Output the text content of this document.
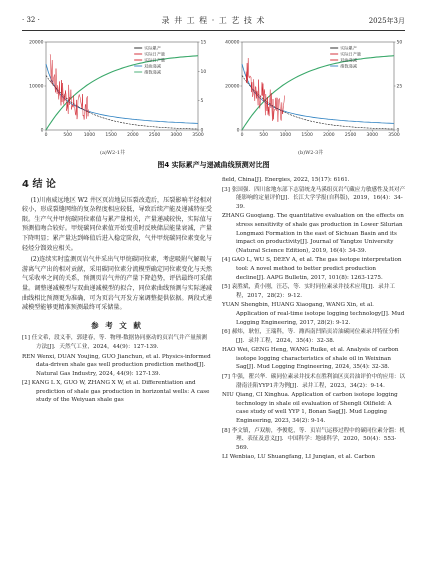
· 32 ·	录 井 工 程 · 工 艺 技 术	2025年3月
0	500	1000 1500 2000 2500 3000 3500
0
10000
20000
0
5
10
15
实际累产
实际日产量
实际日产量
双曲递减
指数递减
0	500	1000 1500 2000 2500 3000 3500
0
20000
40000
0
25
50
实际累产
实际日产量
双曲递减
指数递减
(a)W2-1井	(b)W2-3井
图4 实际累产与递减曲线预测对比图
4 结 论

(1)川南威远地区 W2 井区页岩地层压裂改造后，压裂影响半径相对较小，形成裂缝网络的复杂程度相应较低，导致后续产能及递减特征受限。生产气井甲烷碳同位素值与累产量相关，产量递减较快，实际值与预测值吻合较好。甲烷碳同位素值开始变重时反映储层能量衰减，产量下降明显；累产量达到峰值后进入稳定阶段，气井甲烷碳同位素变化与轻烃分馏效应相关。

(2)连续实时监测页岩气井采出气甲烷碳同位素，考虑吸附气解吸与游离气产出的相对贡献，采用碳同位素分流模型确定同位素变化与天然气采收率之间的关系，预测页岩气井的产量下降趋势，评估最终可采储量。调整递减模型与双曲递减模型的拟合，同位素曲线预测与实际递减曲线相比预测更为准确，可为页岩气开发方案调整提供依据。两段式递减模型能够更精准预测最终可采储量。

参 考 文 献

[1] 任文希，段义菲，郭建春，等．物理-数据协同驱动的页岩气井产量预测方法[J]．天然气工业，2024，44(9)：127-139．

REN Wenxi, DUAN Youjing, GUO Jianchun, et al. Physics-informed data-driven shale gas well production prediction method[J]. Natural Gas Industry, 2024, 44(9): 127-139.

[2] KANG L X, GUO W, ZHANG X W, et al. Differentiation and prediction of shale gas production in horizontal wells: A case study of the Weiyuan shale gas

field, China[J]. Energies, 2022, 15(17): 6161.

[3] 张国强．四川盆地东部下志留统龙马溪组页岩气藏应力敏感性及其对产能影响的定量评价[J]．长江大学学报(自科版)，2019，16(4)：34-39．

ZHANG Guoqiang. The quantitative evaluation on the effects on stress sensitivity of shale gas production in Lower Silurian Longmaxi Formation in the east of Sichuan Basin and its impact on productivity[J]. Journal of Yangtze University (Natural Science Edition), 2019, 16(4): 34-39.

[4] GAO L, WU S, DEEV A, et al. The gas isotope interpretation tool: A novel method to better predict production decline[J]. AAPG Bulletin, 2017, 101(8): 1263-1275.

[5] 袁胜斌，黄小刚，汪芯，等．实时同位素录井技术应用[J]．录井工程，2017，28(2)：9-12．

YUAN Shengbin, HUANG Xiaogang, WANG Xin, et al. Application of real-time isotope logging technology[J]. Mud Logging Engineering, 2017, 28(2): 9-12.

[6] 郝炜，耿恒，王瑞科，等．潍西南凹陷页岩油碳同位素录井特征分析[J]．录井工程，2024，35(4)：32-38．

HAO Wei, GENG Heng, WANG Ruike, et al. Analysis of carbon isotope logging characteristics of shale oil in Weixinan Sag[J]. Mud Logging Engineering, 2024, 35(4): 32-38.

[7] 牛强，瞿兴华．碳同位素录井技术在胜利油区页岩油评价中的应用：以渤南洼陷YYP1井为例[J]．录井工程，2023，34(2)：9-14．

NIU Qiang, CI Xinghua. Application of carbon isotope logging technology in shale oil evaluation of Shengli Oilfield: A case study of well YYP 1, Bonan Sag[J]. Mud Logging Engineering, 2023, 34(2): 9-14.

[8] 李文镇，卢双舫，李俊乾，等．页岩气运移过程中的碳同位素分馏：机理、表征及意义[J]．中国科学：地球科学，2020，50(4)：553-569．

LI Wenbiao, LU Shuangfang, LI Junqian, et al. Carbon
